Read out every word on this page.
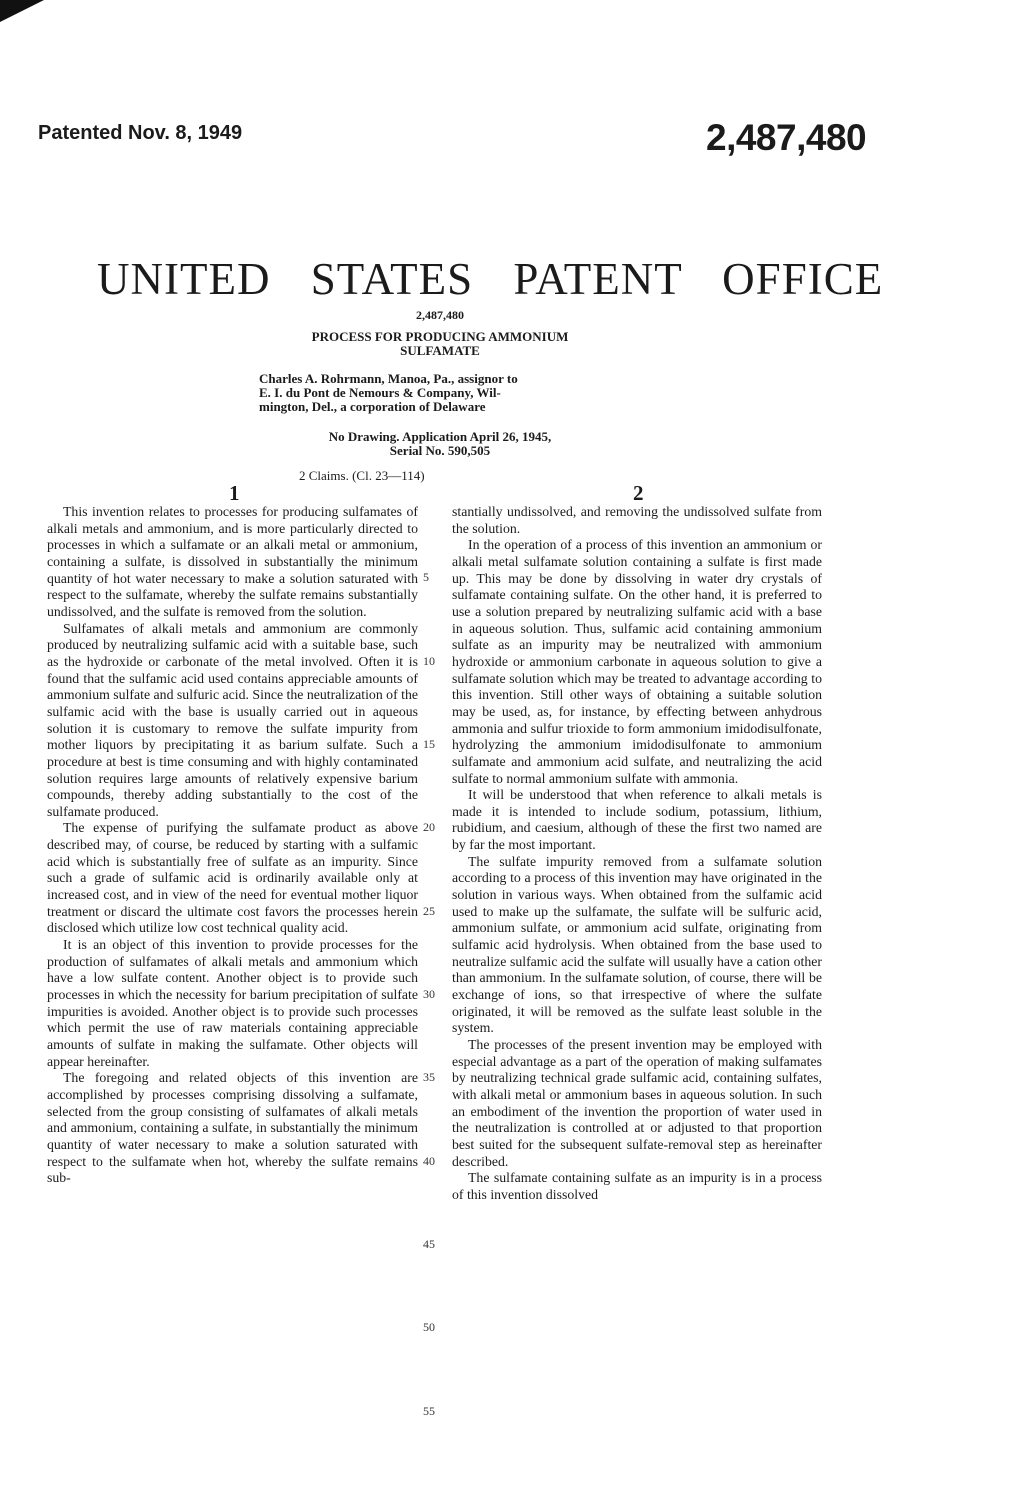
Patented Nov. 8, 1949	2,487,480
UNITED STATES PATENT OFFICE
2,487,480
PROCESS FOR PRODUCING AMMONIUM
SULFAMATE
Charles A. Rohrmann, Manoa, Pa., assignor to
E. I. du Pont de Nemours & Company, Wil-
mington, Del., a corporation of Delaware
No Drawing. Application April 26, 1945,
Serial No. 590,505
2 Claims. (Cl. 23—114)
1	2

This invention relates to processes for producing sulfamates of alkali metals and ammonium, and is more particularly directed to processes in which a sulfamate or an alkali metal or ammonium, containing a sulfate, is dissolved in substantially the minimum quantity of hot water necessary to make a solution saturated with respect to the sulfamate, whereby the sulfate remains substantially undissolved, and the sulfate is removed from the solution.

Sulfamates of alkali metals and ammonium are commonly produced by neutralizing sulfamic acid with a suitable base, such as the hydroxide or carbonate of the metal involved. Often it is found that the sulfamic acid used contains appreciable amounts of ammonium sulfate and sulfuric acid. Since the neutralization of the sulfamic acid with the base is usually carried out in aqueous solution it is customary to remove the sulfate impurity from mother liquors by precipitating it as barium sulfate. Such a procedure at best is time consuming and with highly contaminated solution requires large amounts of relatively expensive barium compounds, thereby adding substantially to the cost of the sulfamate produced.

The expense of purifying the sulfamate product as above described may, of course, be reduced by starting with a sulfamic acid which is substantially free of sulfate as an impurity. Since such a grade of sulfamic acid is ordinarily available only at increased cost, and in view of the need for eventual mother liquor treatment or discard the ultimate cost favors the processes herein disclosed which utilize low cost technical quality acid.

It is an object of this invention to provide processes for the production of sulfamates of alkali metals and ammonium which have a low sulfate content. Another object is to provide such processes in which the necessity for barium precipitation of sulfate impurities is avoided. Another object is to provide such processes which permit the use of raw materials containing appreciable amounts of sulfate in making the sulfamate. Other objects will appear hereinafter.

The foregoing and related objects of this invention are accomplished by processes comprising dissolving a sulfamate, selected from the group consisting of sulfamates of alkali metals and ammonium, containing a sulfate, in substantially the minimum quantity of water necessary to make a solution saturated with respect to the sulfamate when hot, whereby the sulfate remains sub-

5
10
15
20
25
30
35
40
45
50
55

stantially undissolved, and removing the undissolved sulfate from the solution.

In the operation of a process of this invention an ammonium or alkali metal sulfamate solution containing a sulfate is first made up. This may be done by dissolving in water dry crystals of sulfamate containing sulfate. On the other hand, it is preferred to use a solution prepared by neutralizing sulfamic acid with a base in aqueous solution. Thus, sulfamic acid containing ammonium sulfate as an impurity may be neutralized with ammonium hydroxide or ammonium carbonate in aqueous solution to give a sulfamate solution which may be treated to advantage according to this invention. Still other ways of obtaining a suitable solution may be used, as, for instance, by effecting between anhydrous ammonia and sulfur trioxide to form ammonium imidodisulfonate, hydrolyzing the ammonium imidodisulfonate to ammonium sulfamate and ammonium acid sulfate, and neutralizing the acid sulfate to normal ammonium sulfate with ammonia.

It will be understood that when reference to alkali metals is made it is intended to include sodium, potassium, lithium, rubidium, and caesium, although of these the first two named are by far the most important.

The sulfate impurity removed from a sulfamate solution according to a process of this invention may have originated in the solution in various ways. When obtained from the sulfamic acid used to make up the sulfamate, the sulfate will be sulfuric acid, ammonium sulfate, or ammonium acid sulfate, originating from sulfamic acid hydrolysis. When obtained from the base used to neutralize sulfamic acid the sulfate will usually have a cation other than ammonium. In the sulfamate solution, of course, there will be exchange of ions, so that irrespective of where the sulfate originated, it will be removed as the sulfate least soluble in the system.

The processes of the present invention may be employed with especial advantage as a part of the operation of making sulfamates by neutralizing technical grade sulfamic acid, containing sulfates, with alkali metal or ammonium bases in aqueous solution. In such an embodiment of the invention the proportion of water used in the neutralization is controlled at or adjusted to that proportion best suited for the subsequent sulfate-removal step as hereinafter described.

The sulfamate containing sulfate as an impurity is in a process of this invention dissolved
